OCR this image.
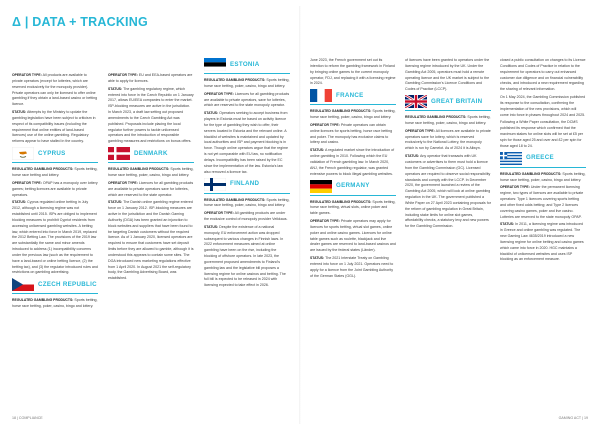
Δ | DATA + TRACKING

OPERATOR TYPE: All products are available to private operators (except for lotteries, which are reserved exclusively for the monopoly provider). Private operators can only be licensed to offer online gambling if they obtain a land-based casino or betting licence.

STATUS: Attempts by the Ministry to update the gambling legislation have been subject to criticism in respect of its compatibility issues (including the requirement that online entities of land-based licences) use of the online gambling. Regulatory reforms appear to have stalled in the country.

CYPRUS

REGULATED GAMBLING PRODUCTS: Sports betting, horse race betting and lottery.

OPERATOR TYPE: OPAP has a monopoly over lottery games; betting licences are available to private operators.

STATUS: Cyprus regulated online betting in July 2012, although a licensing regime was not established until 2015. ISPs are obliged to implement blocking measures to prohibit Cypriot residents from accessing unlicensed gambling websites. A betting law, which entered into force in March 2019, replaced the 2012 Betting Law. The provisions of the 2019 law are substantially the same and minor amends introduced to address (1) incompatibility concerns under the previous law (such as the requirement to have a land-based or online betting licence, (2) the betting tax), and (3) the regulator introduced rules and restrictions on gambling advertising.

CZECH REPUBLIC

REGULATED GAMBLING PRODUCTS: Sports betting, horse race betting, poker, casino, bingo and lottery.

OPERATOR TYPE: EU and EEA-based operators are able to apply for licences.

STATUS: The gambling regulatory regime, which entered into force in the Czech Republic on 1 January 2017, allows EU/EEA companies to enter the market. ISP-blocking measures are active in the jurisdiction. In March 2023, a draft law setting out proposed amendments to the Czech Gambling Act was published. Proposals include placing the local regulator further powers to tackle unlicensed operators and the introduction of responsible gambling measures and restrictions on bonus offers.

DENMARK

REGULATED GAMBLING PRODUCTS: Sports betting, horse race betting, poker, casino, bingo and lottery.

OPERATOR TYPE: Licences for all gambling products are available to private operators save for lotteries, which are reserved to the state operator.

STATUS: The Danish online gambling regime entered force on 1 January 2012. ISP-blocking measures are active in the jurisdiction and the Danish Gaming Authority (DGA) has been granted an injunction to block websites and suppliers that have been found to be targeting Danish customers without the required licence. As of 1 January 2020, licensed operators are required to ensure that customers have set deposit limits before they are allowed to gamble, although it is understood this appears to contain some sites. The DGA introduced new marketing regulations effective from 1 April 2020. In August 2021 the self-regulatory body, the Gambling Advertising Board, was established.

ESTONIA

REGULATED GAMBLING PRODUCTS: Sports betting, horse race betting, poker, casino, bingo and lottery.

OPERATOR TYPE: Licences for all gambling products are available to private operators, save for lotteries, which are reserved to the state monopoly operator.

STATUS: Operators seeking to accept business from players in Estonia must be based on activity licence for the type of gambling they wish to offer, their servers located in Estonia and the relevant online. A blacklist of websites is maintained and updated by local authorities and ISP and payment blocking is in force. Though online operators argue that the regime is not yet comparable with EU law, no notification delays. Incompatibility has been raised by the EC since the implementation of the law. Estonia's law also removed a licence tax.

FINLAND

REGULATED GAMBLING PRODUCTS: Sports betting, horse race betting, poker, casino, bingo and lottery.

OPERATOR TYPE: All gambling products are under the exclusive control of monopoly provider Veikkaus.

STATUS: Despite the existence of a national monopoly, EU enforcement action was dropped subsequent to various changes in Finnish laws. In 2022 enforcement measures aimed at online gambling have been on the rise, including the blocking of offshore operators. In late 2023, the government proposed amendments to Finland's gambling law and the legislative bill proposes a licensing regime for online casinos and betting. The full bill is expected to be released in 2024 with licensing expected to take effect in 2026.

June 2023, the French government set out its intention to reform the gambling framework in Finland by bringing online games to the current monopoly operator, FDJ, and replacing it with a licensing regime in 2024.

FRANCE

REGULATED GAMBLING PRODUCTS: Sports betting, horse race betting, poker, casino, bingo and lottery.

OPERATOR TYPE: Private operators can obtain online licences for sports betting, horse race betting and poker. The monopoly has exclusive claims to lottery and casino.

STATUS: A regulated market since the introduction of online gambling in 2010. Following which the EU validation of French gambling law. In March 2020, ANJ, the French gambling regulator, was granted extensive powers to block illegal gambling websites.

GERMANY

REGULATED GAMBLING PRODUCTS: Sports betting, horse race betting, virtual slots, online poker and table games.

OPERATOR TYPE: Private operators may apply for licences for sports betting, virtual slot games, online poker and online casino games. Licences for online table games such as roulette, blackjack and live dealer games are reserved to land-based casinos and are issued by the federal states (Länder).

STATUS: The 2021 Interstate Treaty on Gambling entered into force on 1 July 2021. Operators need to apply for a licence from the Joint Gambling Authority of the German States (GGL).

of licences have been granted to operators under the licensing regime introduced by the UK. Under the Gambling Act 2005, operators must hold a remote operating licence and the UK market is subject to the Gambling Commission's Licence Conditions and Codes of Practice (LCCP).

GREAT BRITAIN

REGULATED GAMBLING PRODUCTS: Sports betting, horse race betting, poker, casino, bingo and lottery.

OPERATOR TYPE: All licences are available to private operators save for lottery, which is reserved exclusively to the National Lottery, the monopoly which is run by Camelot. As of 2024 it is Allwyn.

STATUS: Any operator that transacts with UK customers or advertises to them must hold a licence from the Gambling Commission (GC). Licensed operators are required to observe social responsibility standards and comply with the LCCP. In December 2020, the government launched a review of the Gambling Act 2005, which will look at online gambling regulation in the UK. The government published a White Paper on 27 April 2023 containing proposals for the reform of gambling regulation in Great Britain, including stake limits for online slot games, affordability checks, a statutory levy and new powers for the Gambling Commission.

closed a public consultation on changes to its Licence Conditions and Codes of Practice in relation to the requirement for operators to carry out enhanced customer due diligence and on financial vulnerability checks, and introduced a new requirement regarding the sharing of relevant information.

On 1 May 2024, the Gambling Commission published its response to the consultation, confirming the implementation of the new provisions, which will come into force in phases throughout 2024 and 2025.

Following a White Paper consultation, the DCMS published its response which confirmed that the maximum stakes for online slots will be set at £5 per spin for those aged 25 and over and £2 per spin for those aged 18 to 24.

GREECE

REGULATED GAMBLING PRODUCTS: Sports betting, horse race betting, poker, casino, bingo and lottery.

OPERATOR TYPE: Under the permanent licensing regime, two types of licences are available to private operators: Type 1 licences covering sports betting and other fixed odds betting; and Type 2 licences covering casino games, poker and live casino. Lotteries are reserved to the state monopoly OPAP.

STATUS: In 2011, a licensing regime was introduced in Greece and online gambling was regulated. The new Gaming Law 4635/2019 introduced a new licensing regime for online betting and casino games which came into force in 2020. HGC maintains a blacklist of unlicensed websites and uses ISP blocking as an enforcement measure.

18 | COMPLIANCE	GAMING ACT | 19
